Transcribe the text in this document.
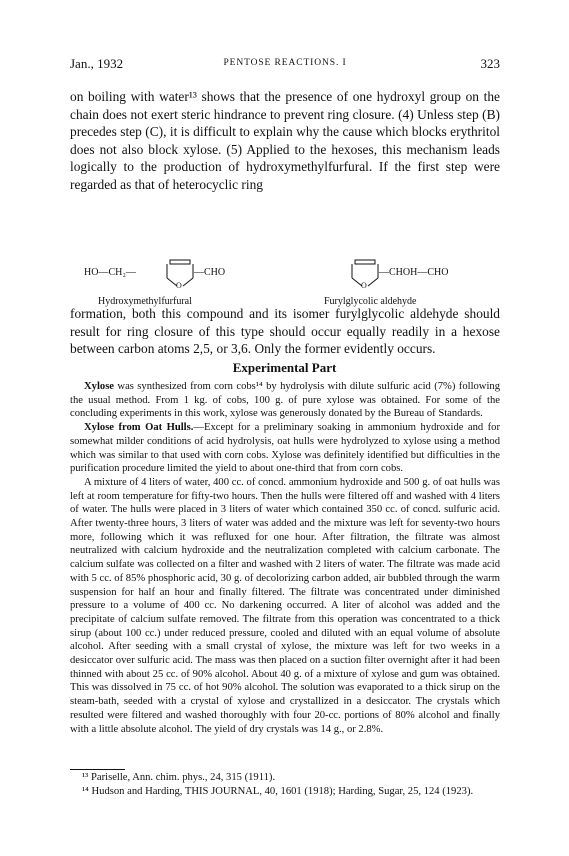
Jan., 1932	PENTOSE REACTIONS. I	323

on boiling with water¹³ shows that the presence of one hydroxyl group on the chain does not exert steric hindrance to prevent ring closure. (4) Unless step (B) precedes step (C), it is difficult to explain why the cause which blocks erythritol does not also block xylose. (5) Applied to the hexoses, this mechanism leads logically to the production of hydroxymethylfurfural. If the first step were regarded as that of heterocyclic ring

HO—CH₂—	—CHO
O
Hydroxymethylfurfural
—CHOH—CHO
O
Furylglycolic aldehyde

formation, both this compound and its isomer furylglycolic aldehyde should result for ring closure of this type should occur equally readily in a hexose between carbon atoms 2,5, or 3,6. Only the former evidently occurs.

Experimental Part

Xylose was synthesized from corn cobs¹⁴ by hydrolysis with dilute sulfuric acid (7%) following the usual method. From 1 kg. of cobs, 100 g. of pure xylose was obtained. For some of the concluding experiments in this work, xylose was generously donated by the Bureau of Standards.

Xylose from Oat Hulls.—Except for a preliminary soaking in ammonium hydroxide and for somewhat milder conditions of acid hydrolysis, oat hulls were hydrolyzed to xylose using a method which was similar to that used with corn cobs. Xylose was definitely identified but difficulties in the purification procedure limited the yield to about one-third that from corn cobs.

A mixture of 4 liters of water, 400 cc. of concd. ammonium hydroxide and 500 g. of oat hulls was left at room temperature for fifty-two hours. Then the hulls were filtered off and washed with 4 liters of water. The hulls were placed in 3 liters of water which contained 350 cc. of concd. sulfuric acid. After twenty-three hours, 3 liters of water was added and the mixture was left for seventy-two hours more, following which it was refluxed for one hour. After filtration, the filtrate was almost neutralized with calcium hydroxide and the neutralization completed with calcium carbonate. The calcium sulfate was collected on a filter and washed with 2 liters of water. The filtrate was made acid with 5 cc. of 85% phosphoric acid, 30 g. of decolorizing carbon added, air bubbled through the warm suspension for half an hour and finally filtered. The filtrate was concentrated under diminished pressure to a volume of 400 cc. No darkening occurred. A liter of alcohol was added and the precipitate of calcium sulfate removed. The filtrate from this operation was concentrated to a thick sirup (about 100 cc.) under reduced pressure, cooled and diluted with an equal volume of absolute alcohol. After seeding with a small crystal of xylose, the mixture was left for two weeks in a desiccator over sulfuric acid. The mass was then placed on a suction filter overnight after it had been thinned with about 25 cc. of 90% alcohol. About 40 g. of a mixture of xylose and gum was obtained. This was dissolved in 75 cc. of hot 90% alcohol. The solution was evaporated to a thick sirup on the steam-bath, seeded with a crystal of xylose and crystallized in a desiccator. The crystals which resulted were filtered and washed thoroughly with four 20-cc. portions of 80% alcohol and finally with a little absolute alcohol. The yield of dry crystals was 14 g., or 2.8%.

¹³ Pariselle, Ann. chim. phys., 24, 315 (1911).

¹⁴ Hudson and Harding, THIS JOURNAL, 40, 1601 (1918); Harding, Sugar, 25, 124 (1923).
